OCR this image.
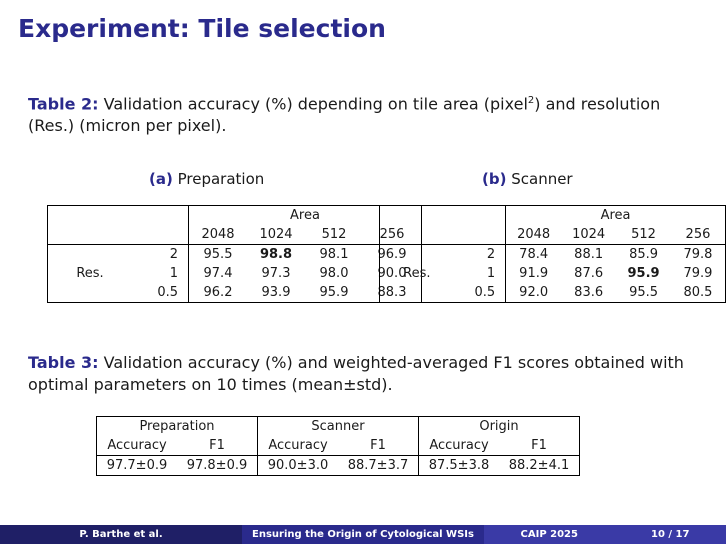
Experiment: Tile selection
Table 2: Validation accuracy (%) depending on tile area (pixel$^2$) and resolution (Res.) (micron per pixel).
(a) Preparation	(b) Scanner
		Area			
		2048	1024	512	256
	2	95.5	98.8	98.1	96.9
Res.	1	97.4	97.3	98.0	90.0
	0.5	96.2	93.9	95.9	88.3
		Area			
		2048	1024	512	256
	2	78.4	88.1	85.9	79.8
Res.	1	91.9	87.6	95.9	79.9
	0.5	92.0	83.6	95.5	80.5
Table 3: Validation accuracy (%) and weighted-averaged F1 scores obtained with optimal parameters on 10 times (mean±std).
Preparation		Scanner		Origin	
Accuracy	F1	Accuracy	F1	Accuracy	F1
97.7±0.9	97.8±0.9	90.0±3.0	88.7±3.7	87.5±3.8	88.2±4.1
P. Barthe et al.	Ensuring the Origin of Cytological WSIs	CAIP 2025	10 / 17
